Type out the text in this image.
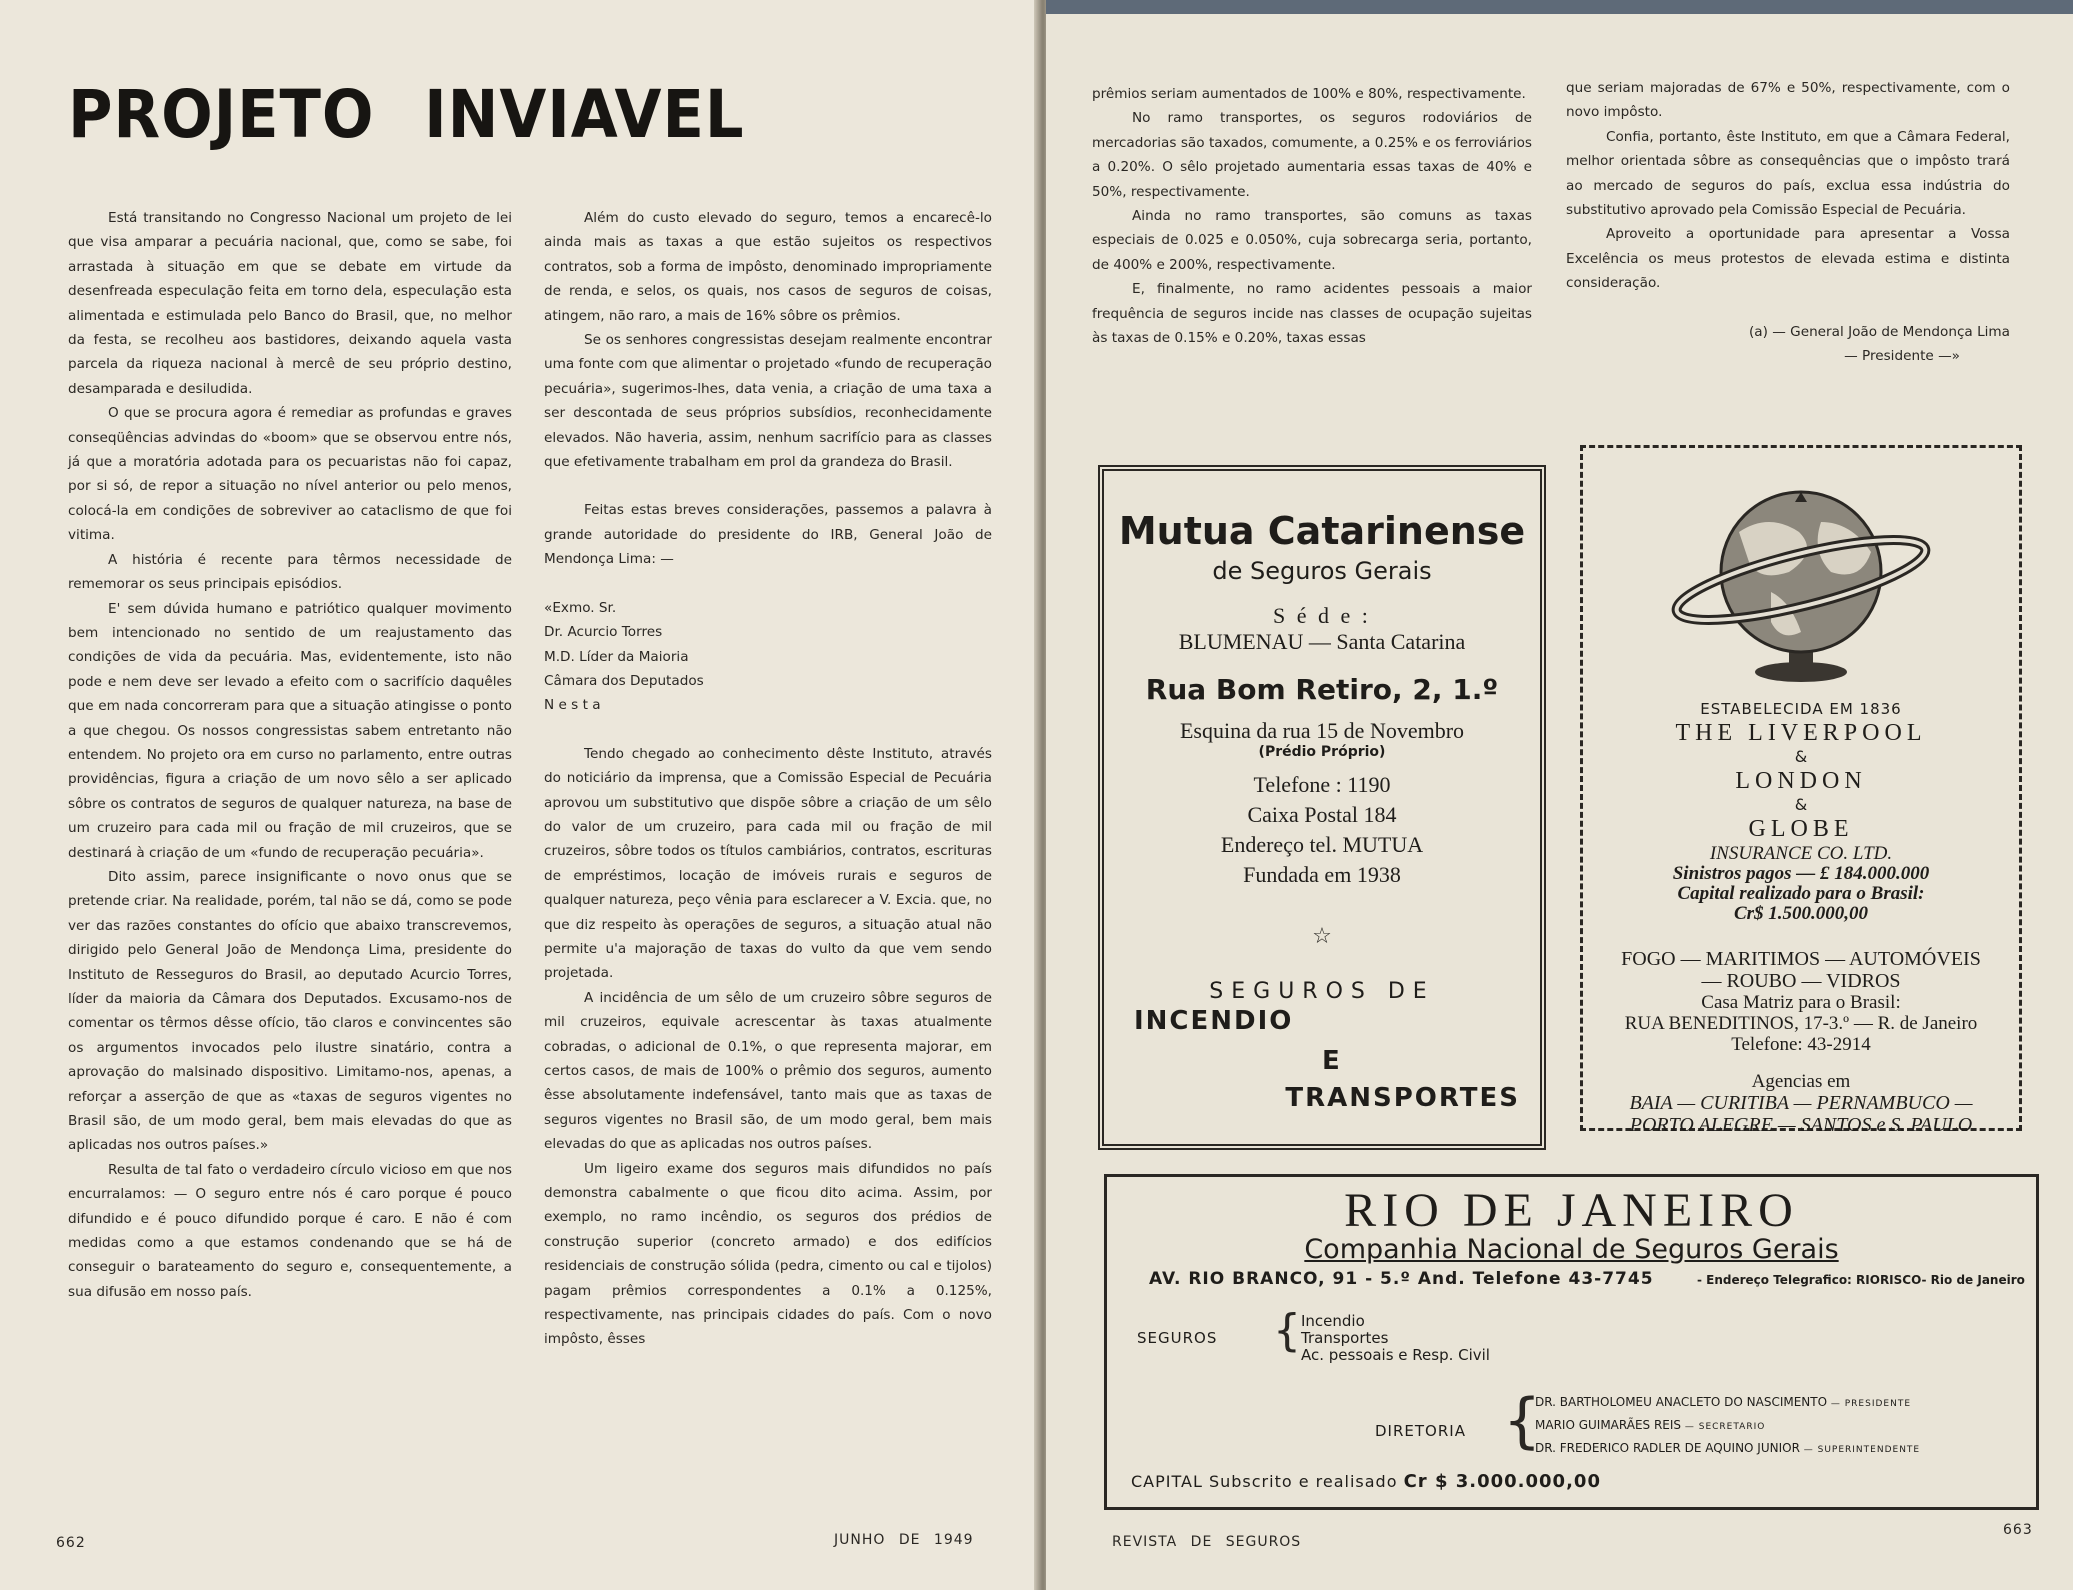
PROJETO INVIAVEL

Está transitando no Congresso Nacional um projeto de lei que visa amparar a pecuária nacional, que, como se sabe, foi arrastada à situação em que se debate em virtude da desenfreada especulação feita em torno dela, especulação esta alimentada e estimulada pelo Banco do Brasil, que, no melhor da festa, se recolheu aos bastidores, deixando aquela vasta parcela da riqueza nacional à mercê de seu próprio destino, desamparada e desiludida.

O que se procura agora é remediar as profundas e graves conseqüências advindas do «boom» que se observou entre nós, já que a moratória adotada para os pecuaristas não foi capaz, por si só, de repor a situação no nível anterior ou pelo menos, colocá-la em condições de sobreviver ao cataclismo de que foi vitima.

A história é recente para têrmos necessidade de rememorar os seus principais episódios.

E' sem dúvida humano e patriótico qualquer movimento bem intencionado no sentido de um reajustamento das condições de vida da pecuária. Mas, evidentemente, isto não pode e nem deve ser levado a efeito com o sacrifício daquêles que em nada concorreram para que a situação atingisse o ponto a que chegou. Os nossos congressistas sabem entretanto não entendem. No projeto ora em curso no parlamento, entre outras providências, figura a criação de um novo sêlo a ser aplicado sôbre os contratos de seguros de qualquer natureza, na base de um cruzeiro para cada mil ou fração de mil cruzeiros, que se destinará à criação de um «fundo de recuperação pecuária».

Dito assim, parece insignificante o novo onus que se pretende criar. Na realidade, porém, tal não se dá, como se pode ver das razões constantes do ofício que abaixo transcrevemos, dirigido pelo General João de Mendonça Lima, presidente do Instituto de Resseguros do Brasil, ao deputado Acurcio Torres, líder da maioria da Câmara dos Deputados. Excusamo-nos de comentar os têrmos dêsse ofício, tão claros e convincentes são os argumentos invocados pelo ilustre sinatário, contra a aprovação do malsinado dispositivo. Limitamo-nos, apenas, a reforçar a asserção de que as «taxas de seguros vigentes no Brasil são, de um modo geral, bem mais elevadas do que as aplicadas nos outros países.»

Resulta de tal fato o verdadeiro círculo vicioso em que nos encurralamos: — O seguro entre nós é caro porque é pouco difundido e é pouco difundido porque é caro. E não é com medidas como a que estamos condenando que se há de conseguir o barateamento do seguro e, consequentemente, a sua difusão em nosso país.

Além do custo elevado do seguro, temos a encarecê-lo ainda mais as taxas a que estão sujeitos os respectivos contratos, sob a forma de impôsto, denominado impropriamente de renda, e selos, os quais, nos casos de seguros de coisas, atingem, não raro, a mais de 16% sôbre os prêmios.

Se os senhores congressistas desejam realmente encontrar uma fonte com que alimentar o projetado «fundo de recuperação pecuária», sugerimos-lhes, data venia, a criação de uma taxa a ser descontada de seus próprios subsídios, reconhecidamente elevados. Não haveria, assim, nenhum sacrifício para as classes que efetivamente trabalham em prol da grandeza do Brasil.

Feitas estas breves considerações, passemos a palavra à grande autoridade do presidente do IRB, General João de Mendonça Lima: —

«Exmo. Sr.

Dr. Acurcio Torres

M.D. Líder da Maioria

Câmara dos Deputados

N e s t a

Tendo chegado ao conhecimento dêste Instituto, através do noticiário da imprensa, que a Comissão Especial de Pecuária aprovou um substitutivo que dispõe sôbre a criação de um sêlo do valor de um cruzeiro, para cada mil ou fração de mil cruzeiros, sôbre todos os títulos cambiários, contratos, escrituras de empréstimos, locação de imóveis rurais e seguros de qualquer natureza, peço vênia para esclarecer a V. Excia. que, no que diz respeito às operações de seguros, a situação atual não permite u'a majoração de taxas do vulto da que vem sendo projetada.

A incidência de um sêlo de um cruzeiro sôbre seguros de mil cruzeiros, equivale acrescentar às taxas atualmente cobradas, o adicional de 0.1%, o que representa majorar, em certos casos, de mais de 100% o prêmio dos seguros, aumento êsse absolutamente indefensável, tanto mais que as taxas de seguros vigentes no Brasil são, de um modo geral, bem mais elevadas do que as aplicadas nos outros países.

Um ligeiro exame dos seguros mais difundidos no país demonstra cabalmente o que ficou dito acima. Assim, por exemplo, no ramo incêndio, os seguros dos prédios de construção superior (concreto armado) e dos edifícios residenciais de construção sólida (pedra, cimento ou cal e tijolos) pagam prêmios correspondentes a 0.1% a 0.125%, respectivamente, nas principais cidades do país. Com o novo impôsto, êsses

662	JUNHO DE 1949

prêmios seriam aumentados de 100% e 80%, respectivamente.

No ramo transportes, os seguros rodoviários de mercadorias são taxados, comumente, a 0.25% e os ferroviários a 0.20%. O sêlo projetado aumentaria essas taxas de 40% e 50%, respectivamente.

Ainda no ramo transportes, são comuns as taxas especiais de 0.025 e 0.050%, cuja sobrecarga seria, portanto, de 400% e 200%, respectivamente.

E, finalmente, no ramo acidentes pessoais a maior frequência de seguros incide nas classes de ocupação sujeitas às taxas de 0.15% e 0.20%, taxas essas

que seriam majoradas de 67% e 50%, respectivamente, com o novo impôsto.

Confia, portanto, êste Instituto, em que a Câmara Federal, melhor orientada sôbre as consequências que o impôsto trará ao mercado de seguros do país, exclua essa indústria do substitutivo aprovado pela Comissão Especial de Pecuária.

Aproveito a oportunidade para apresentar a Vossa Excelência os meus protestos de elevada estima e distinta consideração.

(a) — General João de Mendonça Lima

— Presidente —»

Mutua Catarinense
de Seguros Gerais
S é d e :
BLUMENAU — Santa Catarina
Rua Bom Retiro, 2, 1.º
Esquina da rua 15 de Novembro
(Prédio Próprio)
Telefone : 1190
Caixa Postal 184
Endereço tel. MUTUA
Fundada em 1938
☆
SEGUROS DE
INCENDIO
E
TRANSPORTES
ESTABELECIDA EM 1836
THE LIVERPOOL
&
LONDON
&
GLOBE
INSURANCE CO. LTD.
Sinistros pagos — £ 184.000.000
Capital realizado para o Brasil:
Cr$ 1.500.000,00
FOGO — MARITIMOS — AUTOMÓVEIS
— ROUBO — VIDROS
Casa Matriz para o Brasil:
RUA BENEDITINOS, 17-3.º — R. de Janeiro
Telefone: 43-2914
Agencias em
BAIA — CURITIBA — PERNAMBUCO —
PORTO ALEGRE — SANTOS e S. PAULO
RIO DE JANEIRO
Companhia Nacional de Seguros Gerais
AV. RIO BRANCO, 91 - 5.º And. Telefone 43-7745	- Endereço Telegrafico: RIORISCO- Rio de Janeiro
SEGUROS { Incendio
Transportes
Ac. pessoais e Resp. Civil
DIRETORIA {
DR. BARTHOLOMEU ANACLETO DO NASCIMENTO — PRESIDENTE
MARIO GUIMARÃES REIS — SECRETARIO
DR. FREDERICO RADLER DE AQUINO JUNIOR — SUPERINTENDENTE
CAPITAL Subscrito e realisado Cr $ 3.000.000,00
REVISTA DE SEGUROS
663
